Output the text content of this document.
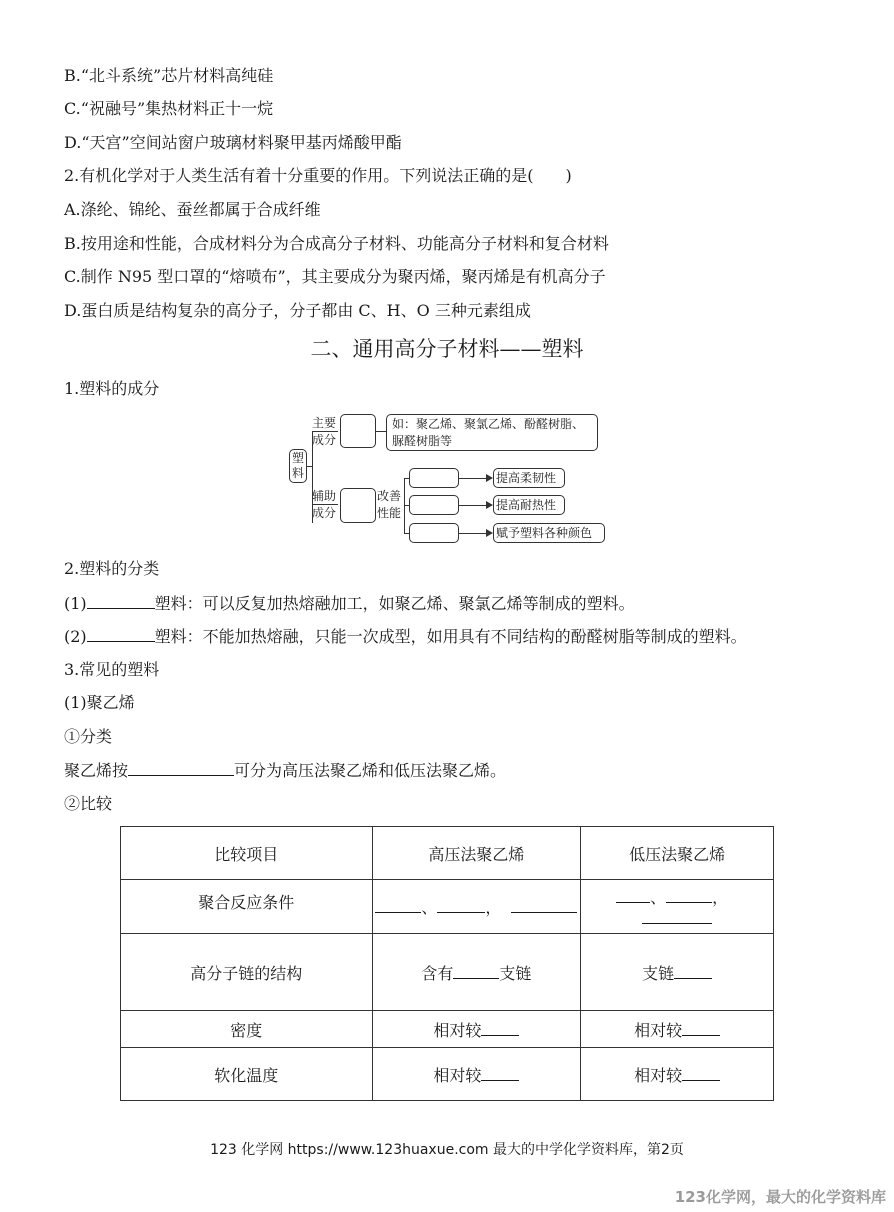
B.“北斗系统”芯片材料高纯硅
C.“祝融号”集热材料正十一烷
D.“天宫”空间站窗户玻璃材料聚甲基丙烯酸甲酯
2.有机化学对于人类生活有着十分重要的作用。下列说法正确的是(　　)
A.涤纶、锦纶、蚕丝都属于合成纤维
B.按用途和性能，合成材料分为合成高分子材料、功能高分子材料和复合材料
C.制作 N95 型口罩的“熔喷布”，其主要成分为聚丙烯，聚丙烯是有机高分子
D.蛋白质是结构复杂的高分子，分子都由 C、H、O 三种元素组成
二、通用高分子材料——塑料
1.塑料的成分
塑料
主要
成分
如：聚乙烯、聚氯乙烯、酚醛树脂、
脲醛树脂等
辅助
成分
改善
性能
提高柔韧性
提高耐热性
赋予塑料各种颜色
2.塑料的分类
(1)	塑料：可以反复加热熔融加工，如聚乙烯、聚氯乙烯等制成的塑料。
(2)	塑料：不能加热熔融，只能一次成型，如用具有不同结构的酚醛树脂等制成的塑料。
3.常见的塑料
(1)聚乙烯
①分类
聚乙烯按	可分为高压法聚乙烯和低压法聚乙烯。
②比较
比较项目	高压法聚乙烯	低压法聚乙烯
聚合反应条件	、 ，	、 ，
高分子链的结构	含有 支链	支链
密度	相对较	相对较
软化温度	相对较	相对较
123 化学网 https://www.123huaxue.com 最大的中学化学资料库，第2页
123化学网，最大的化学资料库
